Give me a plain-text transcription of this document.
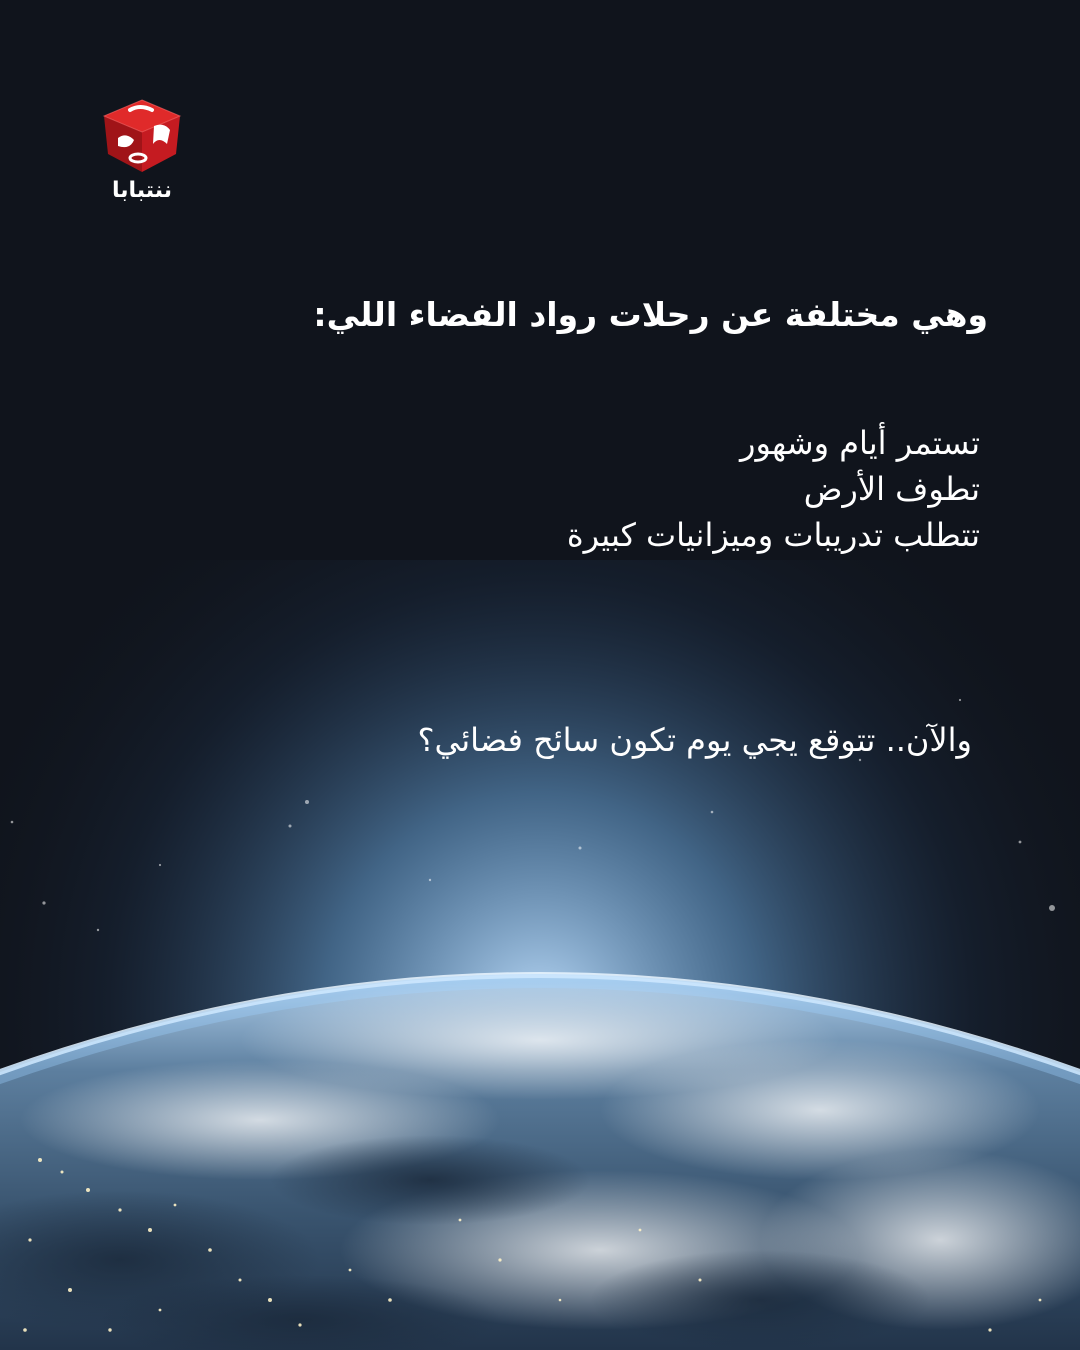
ننتبابا
وهي مختلفة عن رحلات رواد الفضاء اللي:
تستمر أيام وشهور
تطوف الأرض
تتطلب تدريبات وميزانيات كبيرة

والآن.. تتوقع يجي يوم تكون سائح فضائي؟
